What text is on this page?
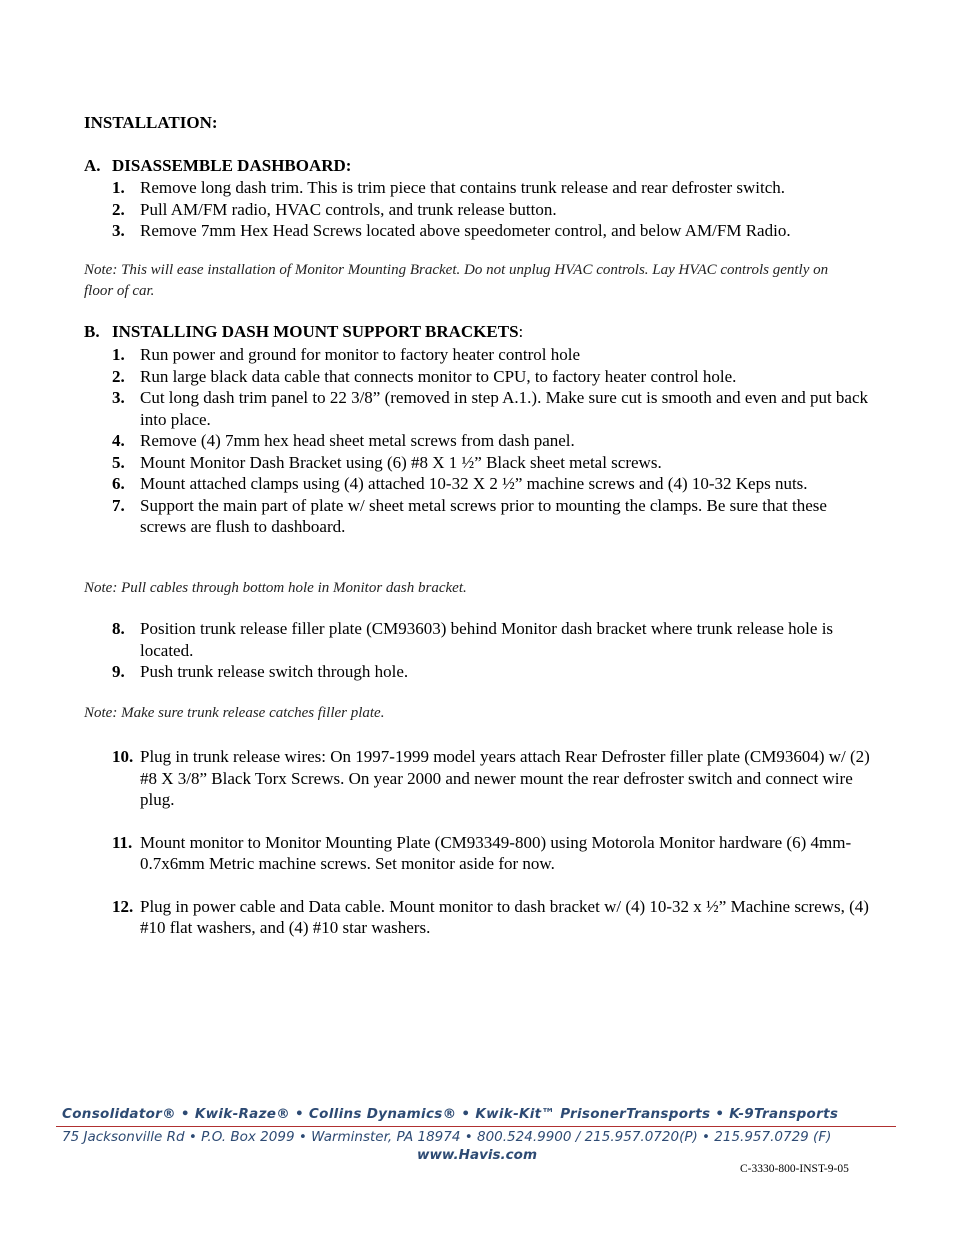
INSTALLATION:
A. DISASSEMBLE DASHBOARD:
1. Remove long dash trim. This is trim piece that contains trunk release and rear defroster switch.
2. Pull AM/FM radio, HVAC controls, and trunk release button.
3. Remove 7mm Hex Head Screws located above speedometer control, and below AM/FM Radio.
Note: This will ease installation of Monitor Mounting Bracket. Do not unplug HVAC controls. Lay HVAC controls gently on floor of car.
B. INSTALLING DASH MOUNT SUPPORT BRACKETS:
1. Run power and ground for monitor to factory heater control hole
2. Run large black data cable that connects monitor to CPU, to factory heater control hole.
3. Cut long dash trim panel to 22 3/8” (removed in step A.1.). Make sure cut is smooth and even and put back into place.
4. Remove (4) 7mm hex head sheet metal screws from dash panel.
5. Mount Monitor Dash Bracket using (6) #8 X 1 ½” Black sheet metal screws.
6. Mount attached clamps using (4) attached 10-32 X 2 ½” machine screws and (4) 10-32 Keps nuts.
7. Support the main part of plate w/ sheet metal screws prior to mounting the clamps. Be sure that these screws are flush to dashboard.
Note: Pull cables through bottom hole in Monitor dash bracket.
8. Position trunk release filler plate (CM93603) behind Monitor dash bracket where trunk release hole is located.
9. Push trunk release switch through hole.
Note: Make sure trunk release catches filler plate.
10. Plug in trunk release wires: On 1997-1999 model years attach Rear Defroster filler plate (CM93604) w/ (2) #8 X 3/8” Black Torx Screws. On year 2000 and newer mount the rear defroster switch and connect wire plug.
11. Mount monitor to Monitor Mounting Plate (CM93349-800) using Motorola Monitor hardware (6) 4mm-0.7x6mm Metric machine screws. Set monitor aside for now.
12. Plug in power cable and Data cable. Mount monitor to dash bracket w/ (4) 10-32 x ½” Machine screws, (4) #10 flat washers, and (4) #10 star washers.
Consolidator® • Kwik-Raze® • Collins Dynamics® • Kwik-Kit™ PrisonerTransports • K-9Transports
75 Jacksonville Rd • P.O. Box 2099 • Warminster, PA 18974 • 800.524.9900 / 215.957.0720(P) • 215.957.0729 (F)
www.Havis.com
C-3330-800-INST-9-05
